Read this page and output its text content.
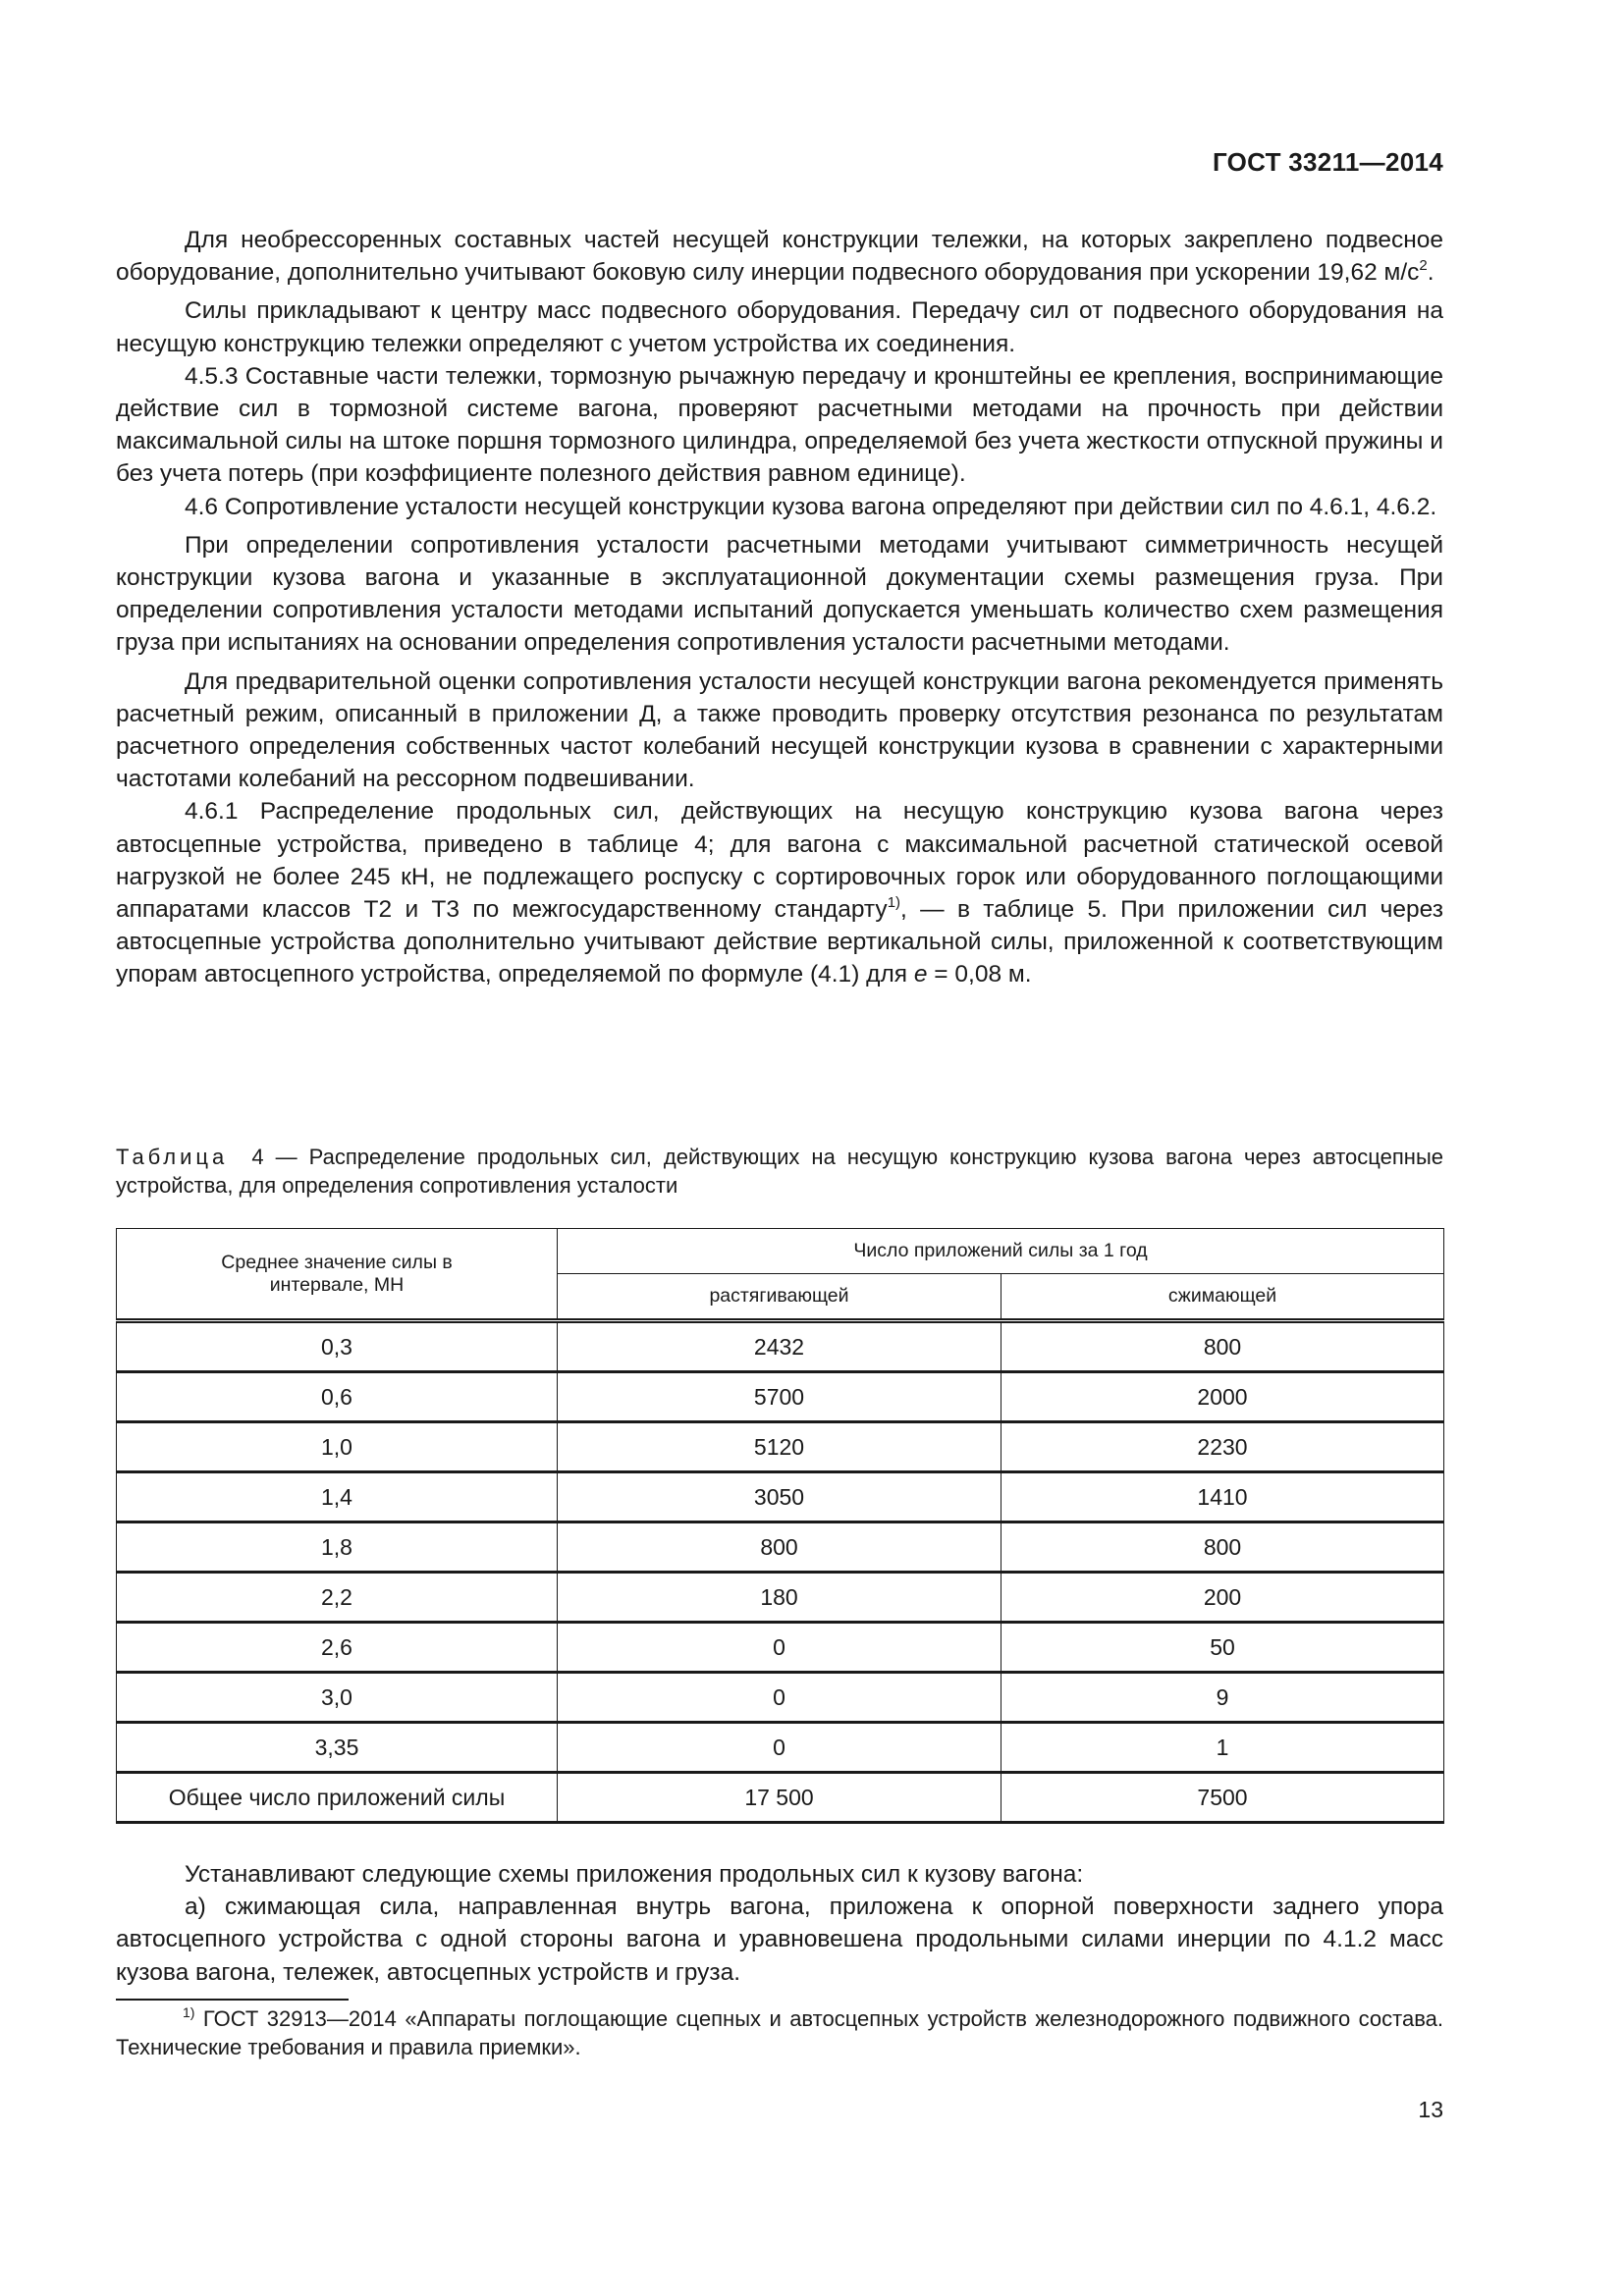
ГОСТ 33211—2014

Для необрессоренных составных частей несущей конструкции тележки, на которых закреплено подвесное оборудование, дополнительно учитывают боковую силу инерции подвесного оборудования при ускорении 19,62 $м/с^2$.

Силы прикладывают к центру масс подвесного оборудования. Передачу сил от подвесного оборудования на несущую конструкцию тележки определяют с учетом устройства их соединения.

4.5.3 Составные части тележки, тормозную рычажную передачу и кронштейны ее крепления, воспринимающие действие сил в тормозной системе вагона, проверяют расчетными методами на прочность при действии максимальной силы на штоке поршня тормозного цилиндра, определяемой без учета жесткости отпускной пружины и без учета потерь (при коэффициенте полезного действия равном единице).

4.6 Сопротивление усталости несущей конструкции кузова вагона определяют при действии сил по 4.6.1, 4.6.2.

При определении сопротивления усталости расчетными методами учитывают симметричность несущей конструкции кузова вагона и указанные в эксплуатационной документации схемы размещения груза. При определении сопротивления усталости методами испытаний допускается уменьшать количество схем размещения груза при испытаниях на основании определения сопротивления усталости расчетными методами.

Для предварительной оценки сопротивления усталости несущей конструкции вагона рекомендуется применять расчетный режим, описанный в приложении Д, а также проводить проверку отсутствия резонанса по результатам расчетного определения собственных частот колебаний несущей конструкции кузова в сравнении с характерными частотами колебаний на рессорном подвешивании.

4.6.1 Распределение продольных сил, действующих на несущую конструкцию кузова вагона через автосцепные устройства, приведено в таблице 4; для вагона с максимальной расчетной статической осевой нагрузкой не более 245 кН, не подлежащего роспуску с сортировочных горок или оборудованного поглощающими аппаратами классов Т2 и Т3 по межгосударственному стандарту$^{1)}$, — в таблице 5. При приложении сил через автосцепные устройства дополнительно учитывают действие вертикальной силы, приложенной к соответствующим упорам автосцепного устройства, определяемой по формуле (4.1) для е = 0,08 м.

Таблица 4 — Распределение продольных сил, действующих на несущую конструкцию кузова вагона через автосцепные устройства, для определения сопротивления усталости
Среднее значение силы в интервале, МН	Число приложений силы за 1 год	
	растягивающей	сжимающей
0,3	2432	800
0,6	5700	2000
1,0	5120	2230
1,4	3050	1410
1,8	800	800
2,2	180	200
2,6	0	50
3,0	0	9
3,35	0	1
Общее число приложений силы	17 500	7500

Устанавливают следующие схемы приложения продольных сил к кузову вагона:

а) сжимающая сила, направленная внутрь вагона, приложена к опорной поверхности заднего упора автосцепного устройства с одной стороны вагона и уравновешена продольными силами инерции по 4.1.2 масс кузова вагона, тележек, автосцепных устройств и груза.

$^{1)}$ ГОСТ 32913—2014 «Аппараты поглощающие сцепных и автосцепных устройств железнодорожного подвижного состава. Технические требования и правила приемки».
13
